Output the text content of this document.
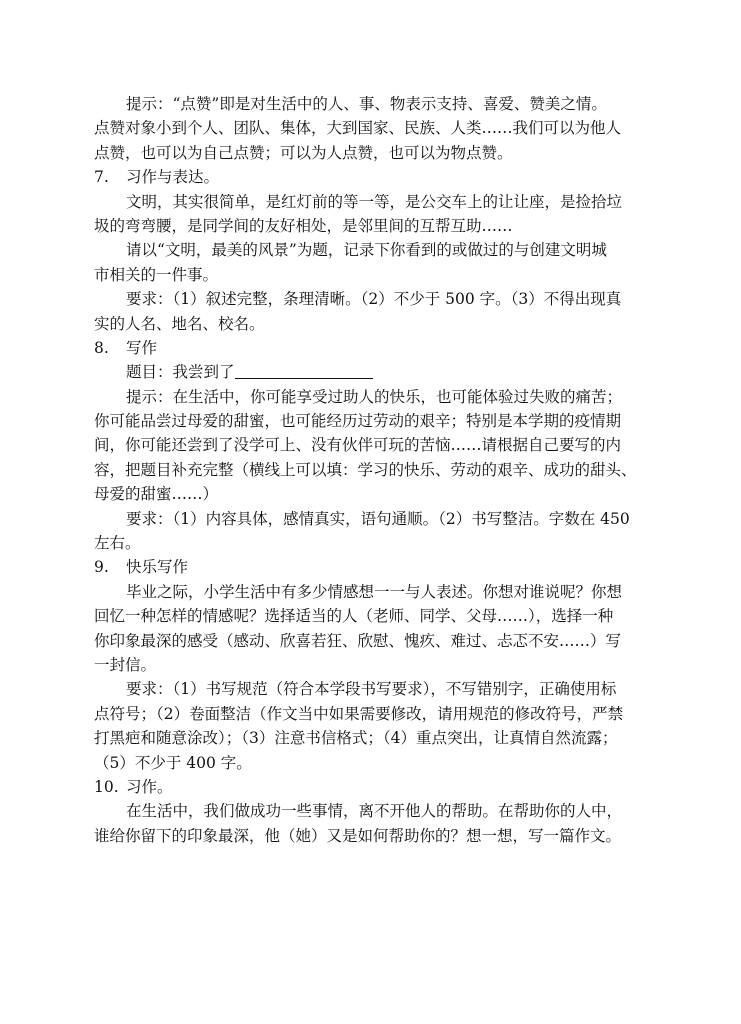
提示：“点赞”即是对生活中的人、事、物表示支持、喜爱、赞美之情。
点赞对象小到个人、团队、集体，大到国家、民族、人类……我们可以为他人
点赞，也可以为自己点赞；可以为人点赞，也可以为物点赞。
7. 习作与表达。
文明，其实很简单，是红灯前的等一等，是公交车上的让让座，是捡拾垃
圾的弯弯腰，是同学间的友好相处，是邻里间的互帮互助……
请以“文明，最美的风景”为题，记录下你看到的或做过的与创建文明城
市相关的一件事。
要求：（1）叙述完整，条理清晰。（2）不少于 500 字。（3）不得出现真
实的人名、地名、校名。
8. 写作
题目：我尝到了
提示：在生活中，你可能享受过助人的快乐，也可能体验过失败的痛苦；
你可能品尝过母爱的甜蜜，也可能经历过劳动的艰辛；特别是本学期的疫情期
间，你可能还尝到了没学可上、没有伙伴可玩的苦恼……请根据自己要写的内
容，把题目补充完整（横线上可以填：学习的快乐、劳动的艰辛、成功的甜头、
母爱的甜蜜……）
要求：（1）内容具体，感情真实，语句通顺。（2）书写整洁。字数在 450
左右。
9. 快乐写作
毕业之际，小学生活中有多少情感想一一与人表述。你想对谁说呢？你想
回忆一种怎样的情感呢？选择适当的人（老师、同学、父母……），选择一种
你印象最深的感受（感动、欣喜若狂、欣慰、愧疚、难过、忐忑不安……）写
一封信。
要求：（1）书写规范（符合本学段书写要求），不写错别字，正确使用标
点符号；（2）卷面整洁（作文当中如果需要修改，请用规范的修改符号，严禁
打黑疤和随意涂改）；（3）注意书信格式；（4）重点突出，让真情自然流露；
（5）不少于 400 字。
10. 习作。
在生活中，我们做成功一些事情，离不开他人的帮助。在帮助你的人中，
谁给你留下的印象最深，他（她）又是如何帮助你的？想一想，写一篇作文。
